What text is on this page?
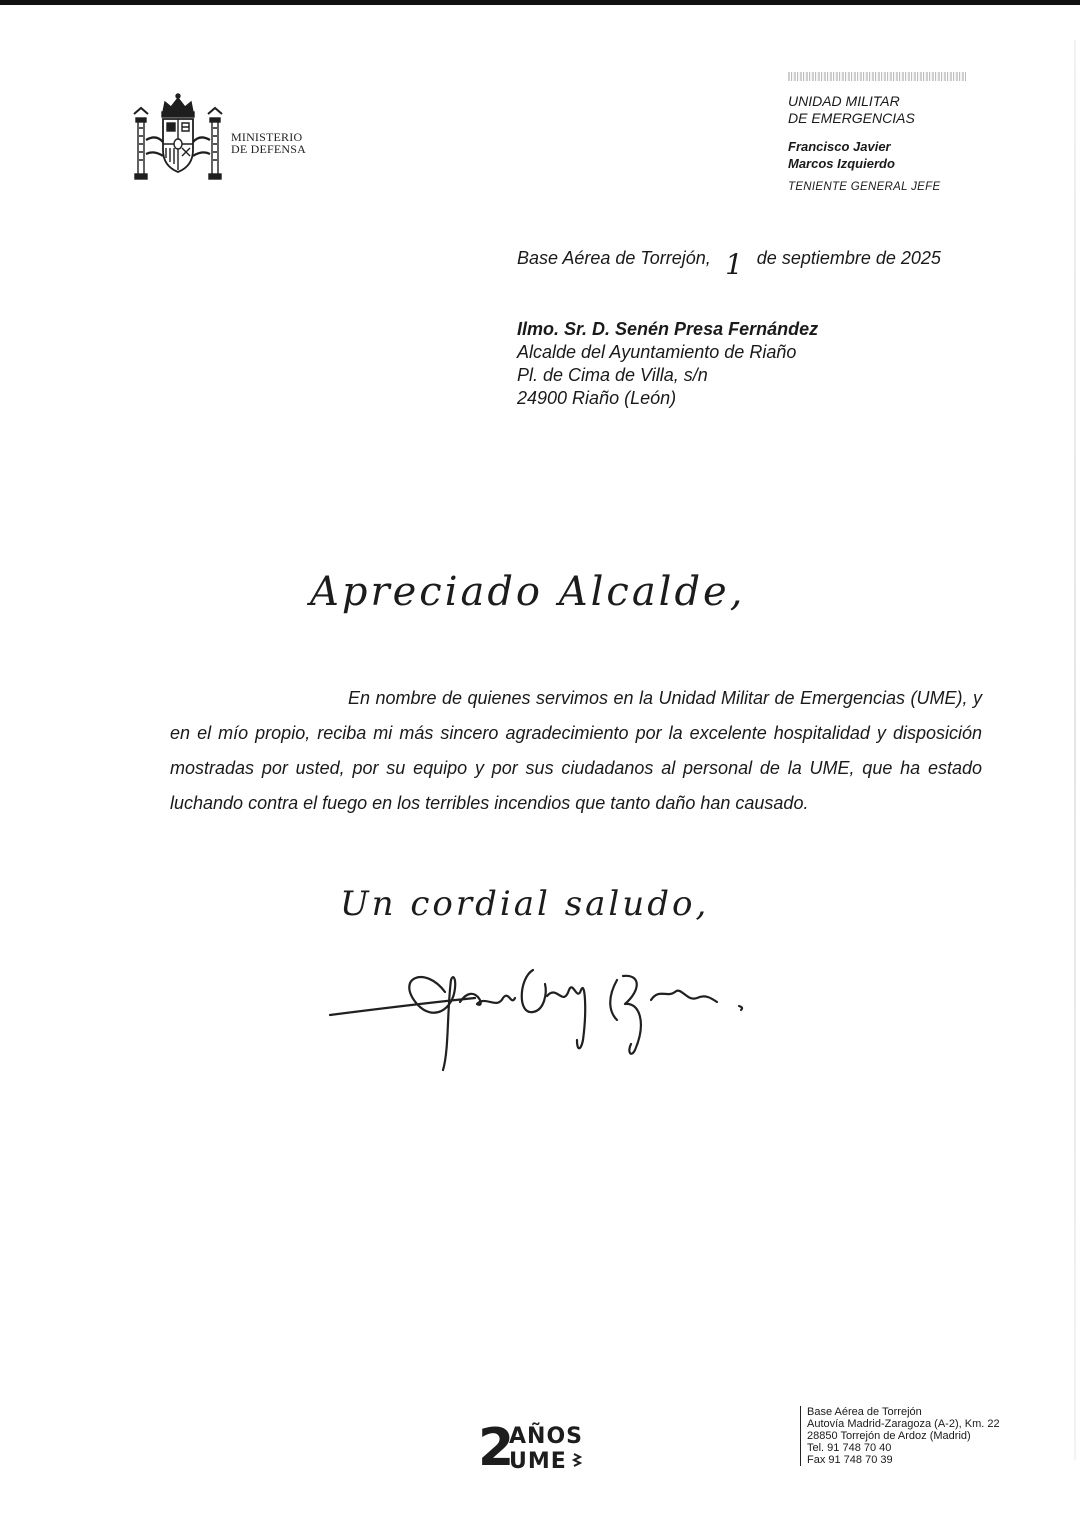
MINISTERIO
DE DEFENSA
UNIDAD MILITAR
DE EMERGENCIAS
Francisco Javier
Marcos Izquierdo
TENIENTE GENERAL JEFE
Base Aérea de Torrejón, 1 de septiembre de 2025
Ilmo. Sr. D. Senén Presa Fernández
Alcalde del Ayuntamiento de Riaño
Pl. de Cima de Villa, s/n
24900 Riaño (León)
Apreciado Alcalde,

En nombre de quienes servimos en la Unidad Militar de Emergencias (UME), y en el mío propio, reciba mi más sincero agradecimiento por la excelente hospitalidad y disposición mostradas por usted, por su equipo y por sus ciudadanos al personal de la UME, que ha estado luchando contra el fuego en los terribles incendios que tanto daño han causado.

Un cordial saludo,
2
AÑOS
UME
Base Aérea de Torrejón
Autovía Madrid-Zaragoza (A-2), Km. 22
28850 Torrejón de Ardoz (Madrid)
Tel. 91 748 70 40
Fax 91 748 70 39
